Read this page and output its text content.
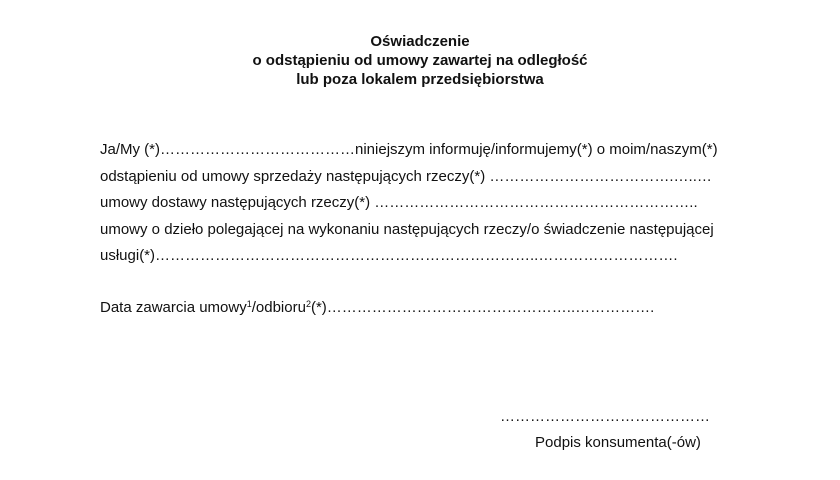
Oświadczenie
o odstąpieniu od umowy zawartej na odległość
lub poza lokalem przedsiębiorstwa
Ja/My (*)…………………………………niniejszym informuję/informujemy(*) o moim/naszym(*)
odstąpieniu od umowy sprzedaży następujących rzeczy(*) ……………………………….…..…
umowy dostawy następujących rzeczy(*) ………………………………………………………..
umowy o dzieło polegającej na wykonaniu następujących rzeczy/o świadczenie następującej
usługi(*)…………………………………………………………………..……………………….
Data zawarcia umowy$^1$/odbioru$^2$(*)…………………………………………..…………….
……………………………………
Podpis konsumenta(-ów)
